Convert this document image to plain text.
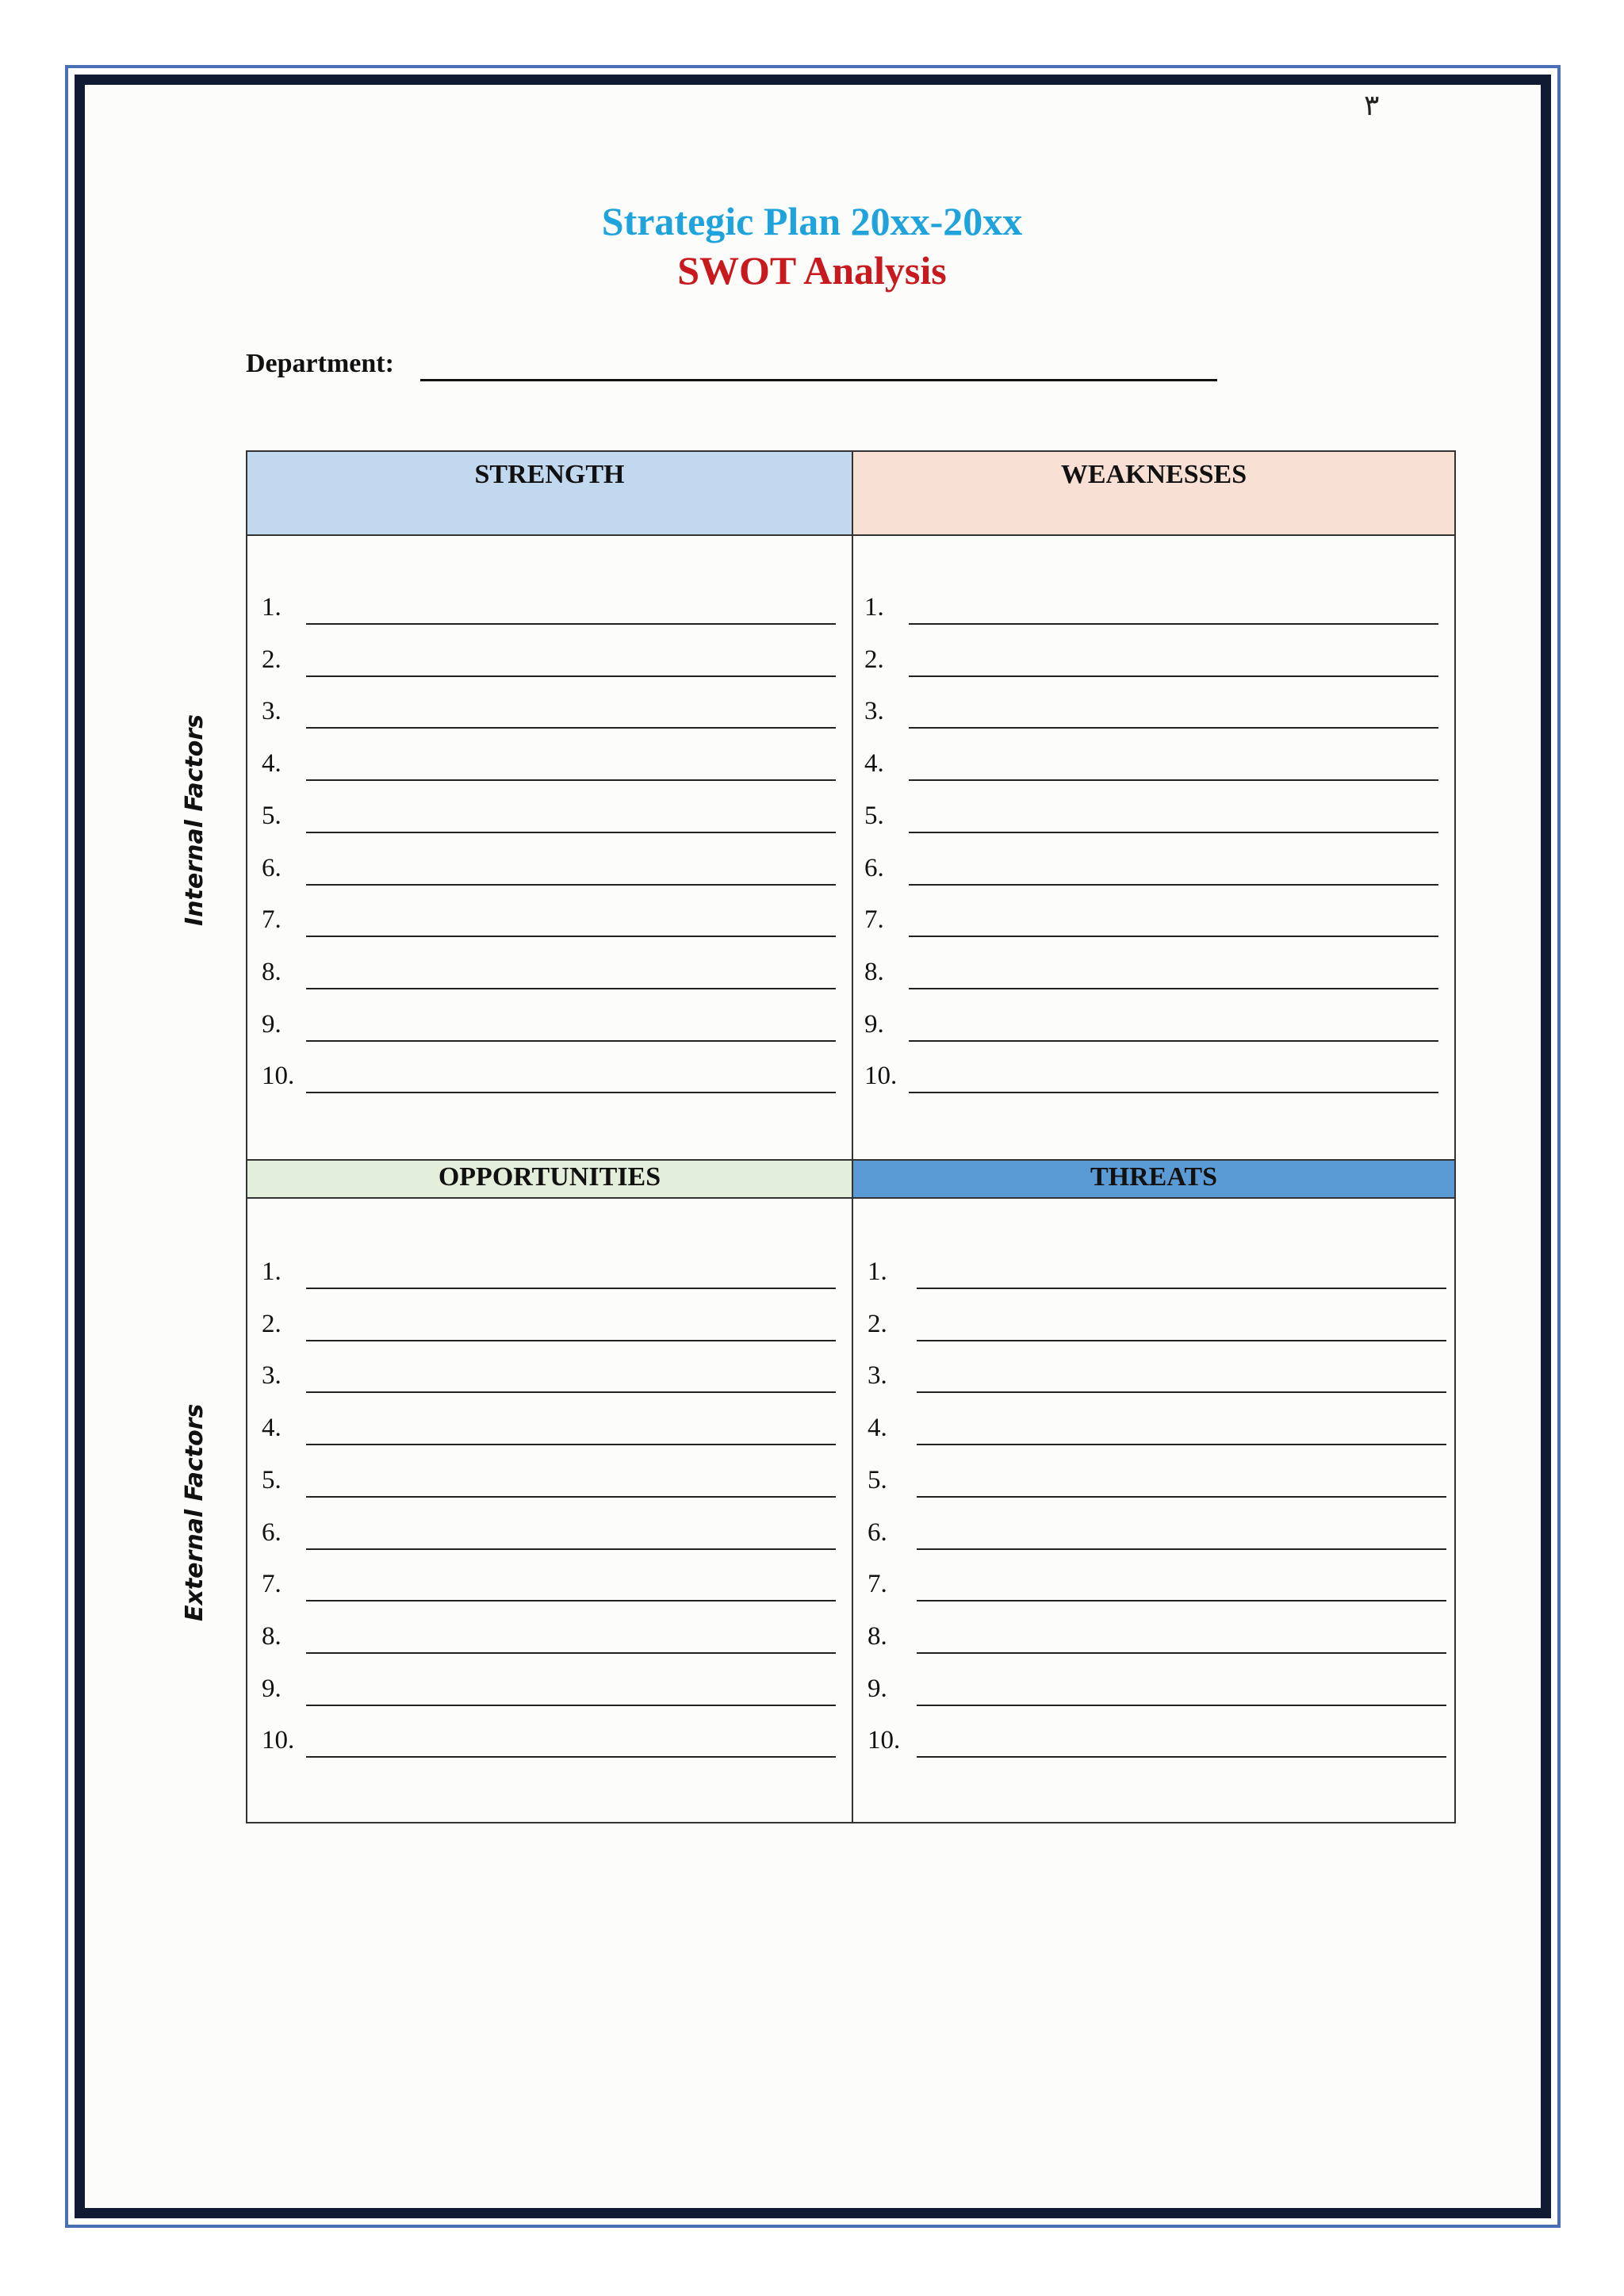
٣
Strategic Plan 20xx-20xx
SWOT Analysis
Department:
Internal Factors
External Factors
STRENGTH	WEAKNESSES
OPPORTUNITIES	THREATS
1.
2.
3.
4.
5.
6.
7.
8.
9.
10.
1.
2.
3.
4.
5.
6.
7.
8.
9.
10.
1.
2.
3.
4.
5.
6.
7.
8.
9.
10.
1.
2.
3.
4.
5.
6.
7.
8.
9.
10.
